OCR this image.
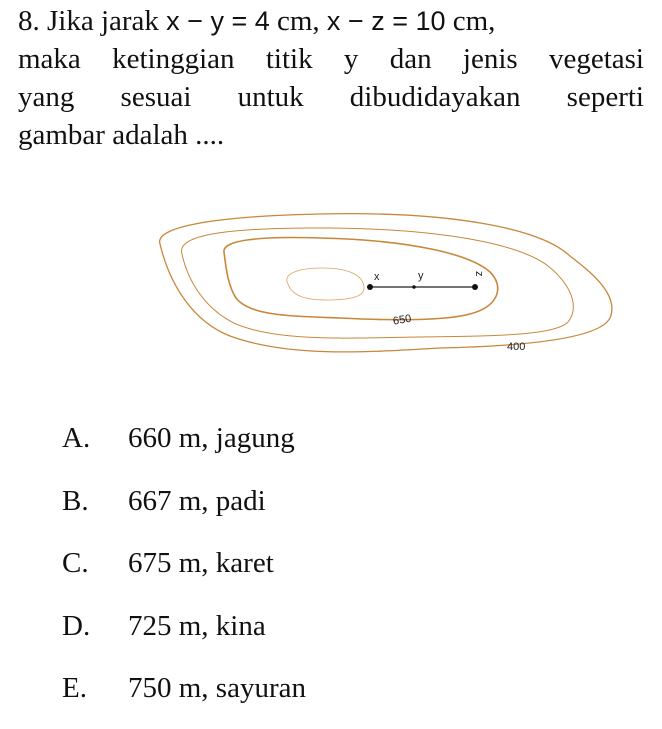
8. Jika jarak x − y = 4 cm, x − z = 10 cm,
maka ketinggian titik y dan jenis vegetasi
yang sesuai untuk dibudidayakan seperti
gambar adalah ....
x	y	z
650
400
A. 660 m, jagung
B. 667 m, padi
C. 675 m, karet
D. 725 m, kina
E. 750 m, sayuran
